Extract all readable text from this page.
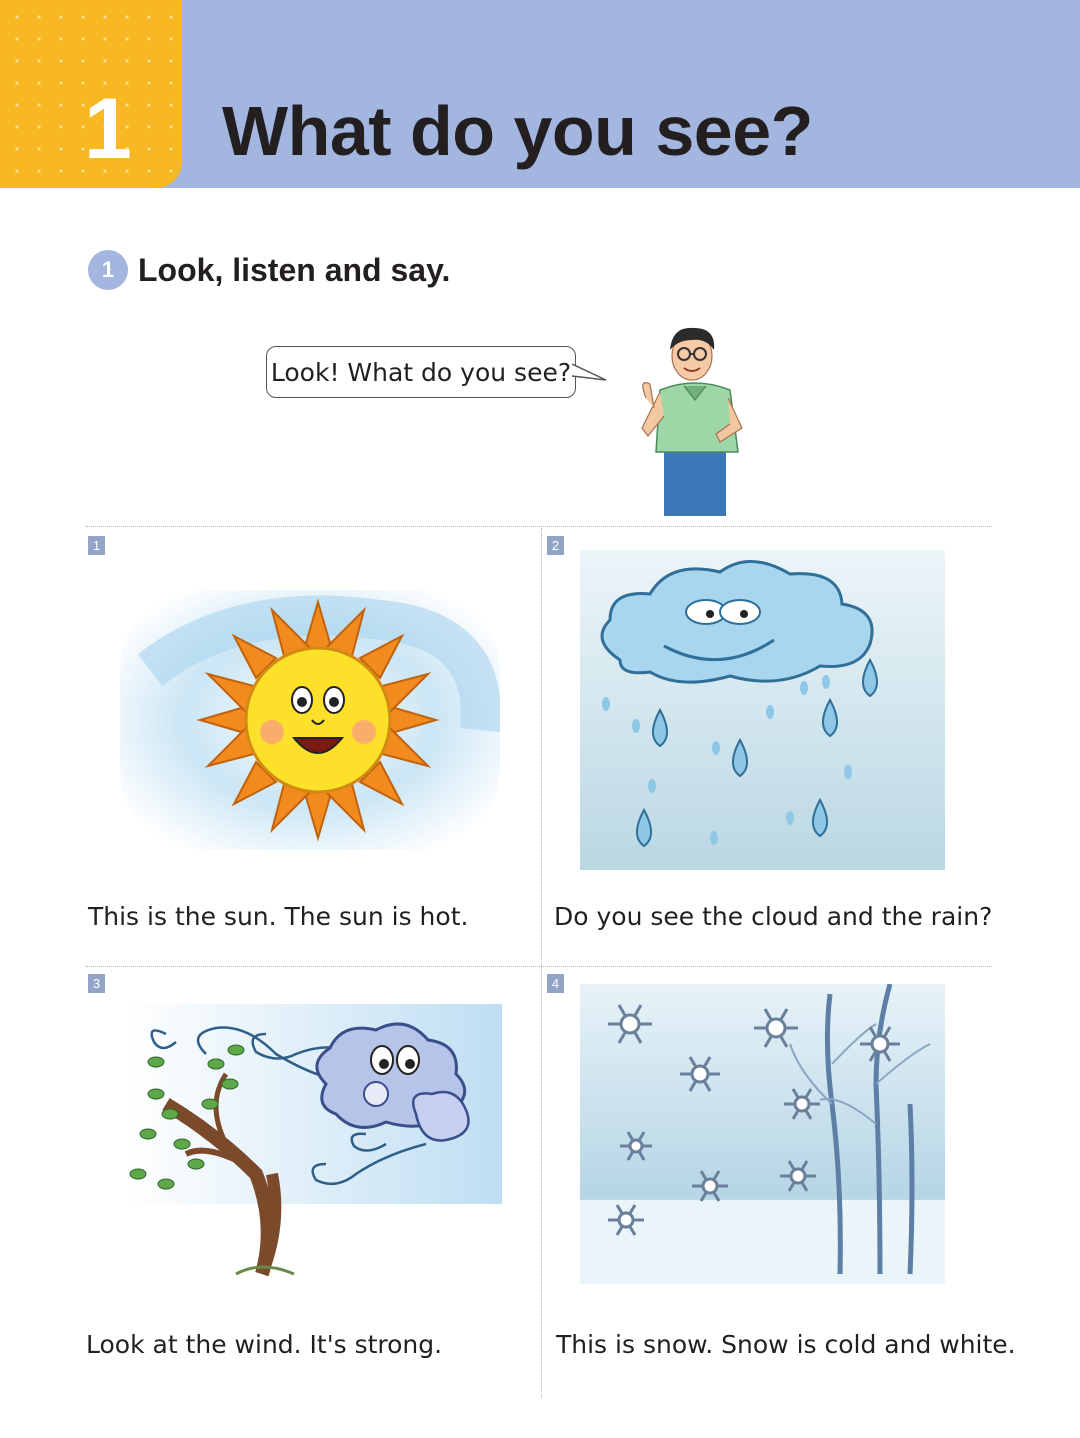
1 What do you see?
1 Look, listen and say.
Look! What do you see?
1	2
3	4
This is the sun. The sun is hot.	Do you see the cloud and the rain?
Look at the wind. It's strong.	This is snow. Snow is cold and white.
